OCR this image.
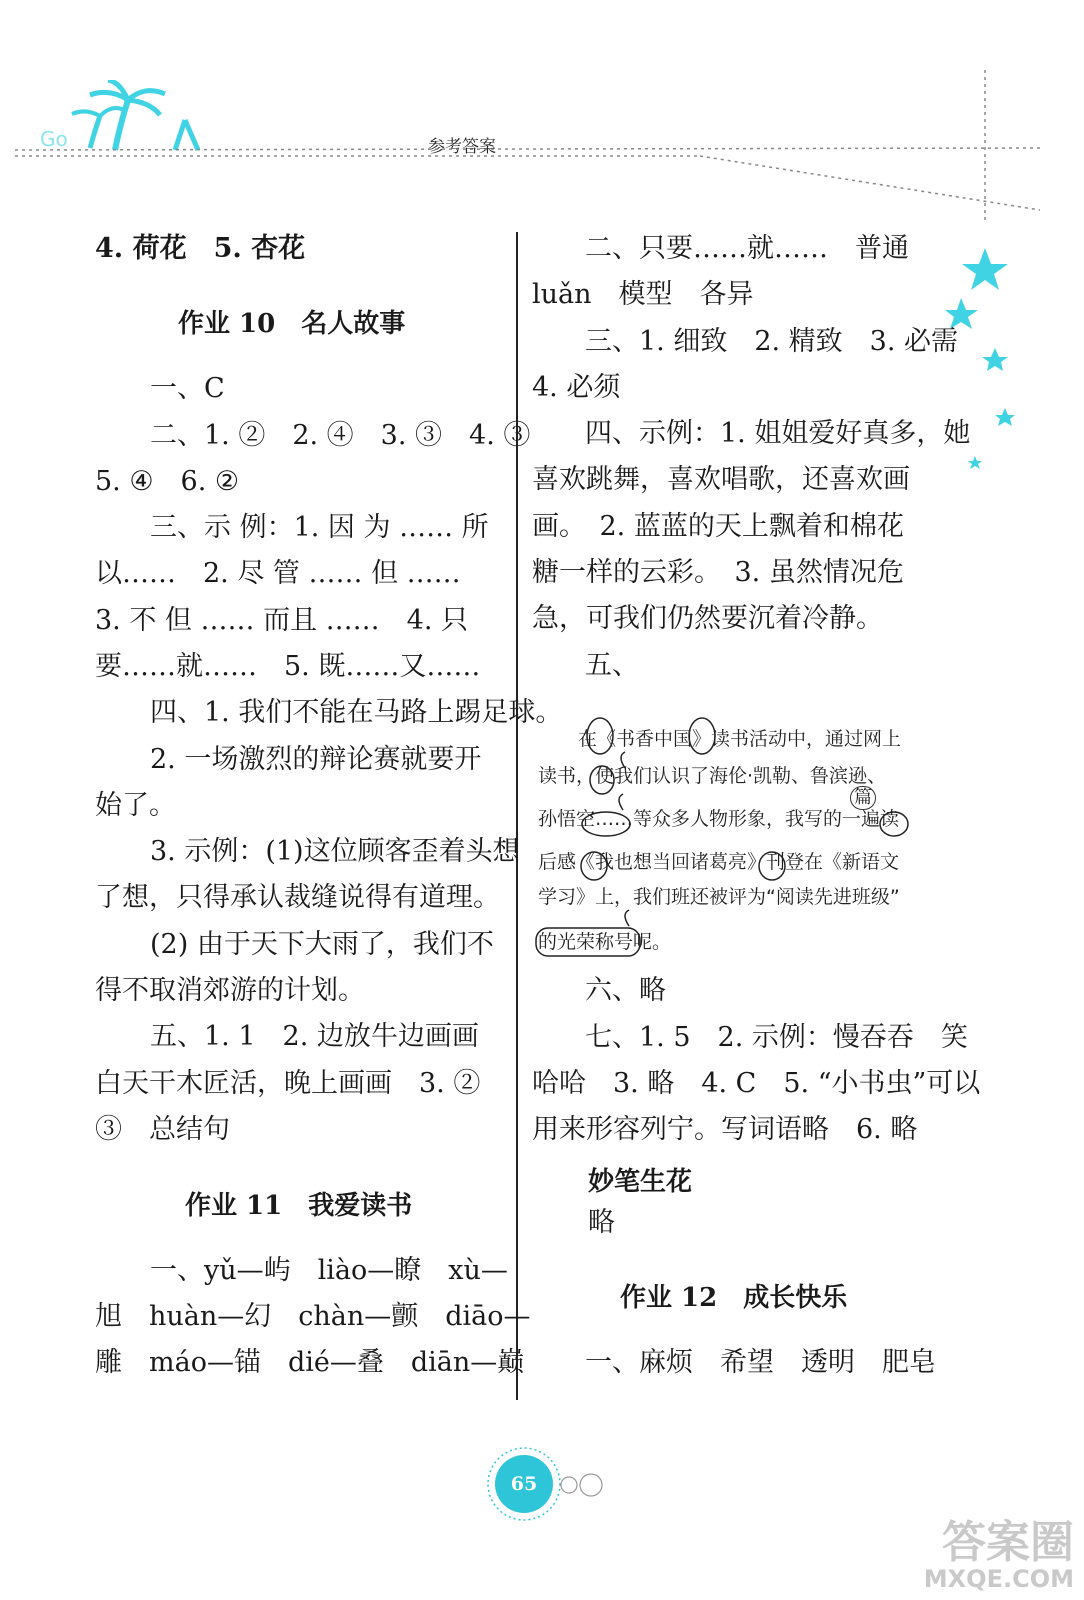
Go	参考答案
4. 荷花　5. 杏花
作业 10　名人故事
一、C
二、1. ②　2. ④　3. ③　4. ③
5. ④　6. ②
三、示 例：1. 因 为 …… 所
以……　2. 尽 管 …… 但 ……
3. 不 但 …… 而且 ……　4. 只
要……就……　5. 既……又……
四、1. 我们不能在马路上踢足球。
2. 一场激烈的辩论赛就要开
始了。
3. 示例：(1)这位顾客歪着头想
了想，只得承认裁缝说得有道理。
(2) 由于天下大雨了，我们不
得不取消郊游的计划。
五、1. 1　2. 边放牛边画画
白天干木匠活，晚上画画　3. ②
③　总结句
作业 11　我爱读书
一、yǔ—屿　liào—瞭　xù—
旭　huàn—幻　chàn—颤　diāo—
雕　máo—锚　dié—叠　diān—巅
二、只要……就……　普通
luǎn　模型　各异
三、1. 细致　2. 精致　3. 必需
4. 必须
四、示例：1. 姐姐爱好真多，她
喜欢跳舞，喜欢唱歌，还喜欢画
画。　2. 蓝蓝的天上飘着和棉花
糖一样的云彩。　3. 虽然情况危
急，可我们仍然要沉着冷静。
五、
在《书香中国》读书活动中，通过网上
读书，使我们认识了海伦·凯勒、鲁滨逊、
孙悟空……等众多人物形象，我写的一遍读
后感《我也想当回诸葛亮》刊登在《新语文
学习》上，我们班还被评为“阅读先进班级”
的光荣称号呢。
篇
六、略
七、1. 5　2. 示例：慢吞吞　笑
哈哈　3. 略　4. C　5. “小书虫”可以
用来形容列宁。写词语略　6. 略
妙笔生花
略
作业 12　成长快乐
一、麻烦　希望　透明　肥皂
65
答案圈
MXQE.COM
